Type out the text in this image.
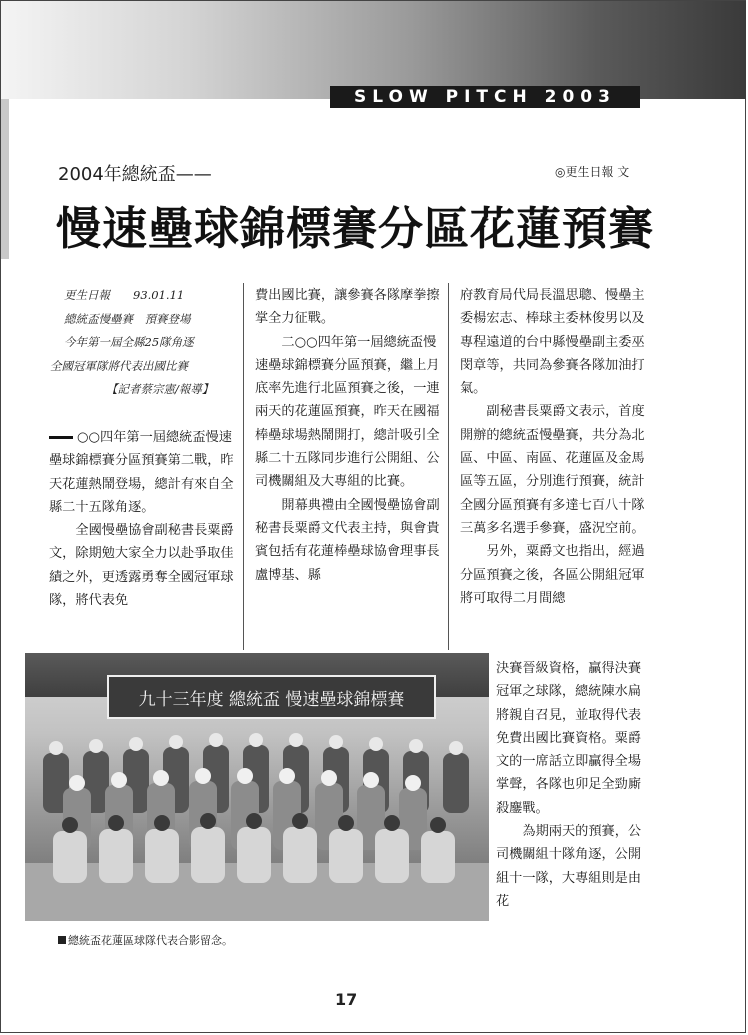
SLOW PITCH 2003
2004年總統盃——	◎更生日報 文
慢速壘球錦標賽分區花蓮預賽
更生日報　　93.01.11
總統盃慢壘賽　預賽登場
今年第一屆全縣25隊角逐
全國冠軍隊將代表出國比賽
【記者蔡宗憲/報導】

○○四年第一屆總統盃慢速壘球錦標賽分區預賽第二戰，昨天花蓮熱鬧登場，總計有來自全縣二十五隊角逐。

全國慢壘協會副秘書長粟爵文，除期勉大家全力以赴爭取佳績之外，更透露勇奪全國冠軍球隊，將代表免

費出國比賽，讓參賽各隊摩拳擦掌全力征戰。

二○○四年第一屆總統盃慢速壘球錦標賽分區預賽，繼上月底率先進行北區預賽之後，一連兩天的花蓮區預賽，昨天在國福棒壘球場熱鬧開打，總計吸引全縣二十五隊同步進行公開組、公司機關組及大專組的比賽。

開幕典禮由全國慢壘協會副秘書長粟爵文代表主持，與會貴賓包括有花蓮棒壘球協會理事長盧博基、縣

府教育局代局長溫思聰、慢壘主委楊宏志、棒球主委林俊男以及專程遠道的台中縣慢壘副主委巫閔章等，共同為參賽各隊加油打氣。

副秘書長粟爵文表示，首度開辦的總統盃慢壘賽，共分為北區、中區、南區、花蓮區及金馬區等五區，分別進行預賽，統計全國分區預賽有多達七百八十隊三萬多名選手參賽，盛況空前。

另外，粟爵文也指出，經過分區預賽之後，各區公開組冠軍將可取得二月間總

決賽晉級資格，贏得決賽冠軍之球隊，總統陳水扁將親自召見，並取得代表免費出國比賽資格。粟爵文的一席話立即贏得全場掌聲，各隊也卯足全勁廝殺鏖戰。

為期兩天的預賽，公司機關組十隊角逐，公開組十一隊，大專組則是由花

九十三年度 總統盃 慢速壘球錦標賽
總統盃花蓮區球隊代表合影留念。
17
